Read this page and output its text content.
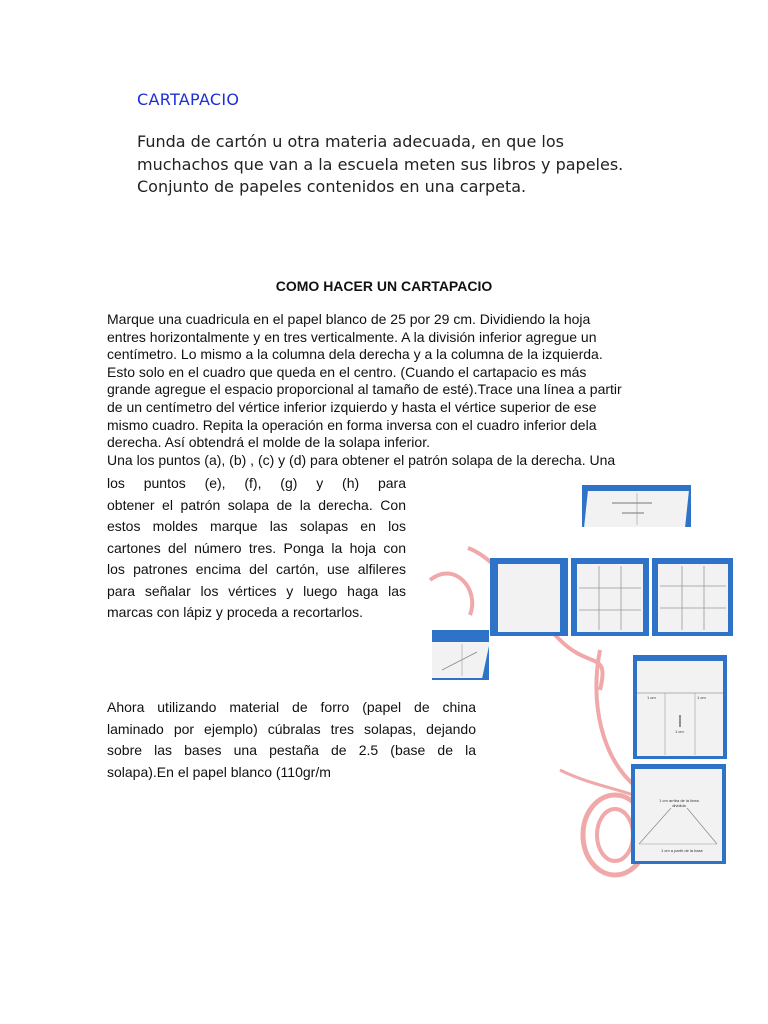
CARTAPACIO
Funda de cartón u otra materia adecuada, en que los
muchachos que van a la escuela meten sus libros y papeles.
Conjunto de papeles contenidos en una carpeta.
COMO HACER UN CARTAPACIO
Marque una cuadricula en el papel blanco de 25 por 29 cm. Dividiendo la hoja
entres horizontalmente y en tres verticalmente. A la división inferior agregue un
centímetro. Lo mismo a la columna dela derecha y a la columna de la izquierda.
Esto solo en el cuadro que queda en el centro. (Cuando el cartapacio es más
grande agregue el espacio proporcional al tamaño de esté).Trace una línea a partir
de un centímetro del vértice inferior izquierdo y hasta el vértice superior de ese
mismo cuadro. Repita la operación en forma inversa con el cuadro inferior dela
derecha. Así obtendrá el molde de la solapa inferior.
Una los puntos (a), (b) , (c) y (d) para obtener el patrón solapa de la derecha. Una
los puntos (e), (f), (g) y (h) para
obtener el patrón solapa de la derecha. Con
estos moldes marque las solapas en los
cartones del número tres. Ponga la hoja con
los patrones encima del cartón, use alfileres
para señalar los vértices y luego haga las
marcas con lápiz y proceda a recortarlos.
Ahora utilizando material de forro (papel de china
laminado por ejemplo) cúbralas tres solapas, dejando
sobre las bases una pestaña de 2.5 (base de la
solapa).En el papel blanco (110gr/m
1 cm	1 cm
1 cm
1 cm arriba de la línea dividida
1 cm a partir de la base
